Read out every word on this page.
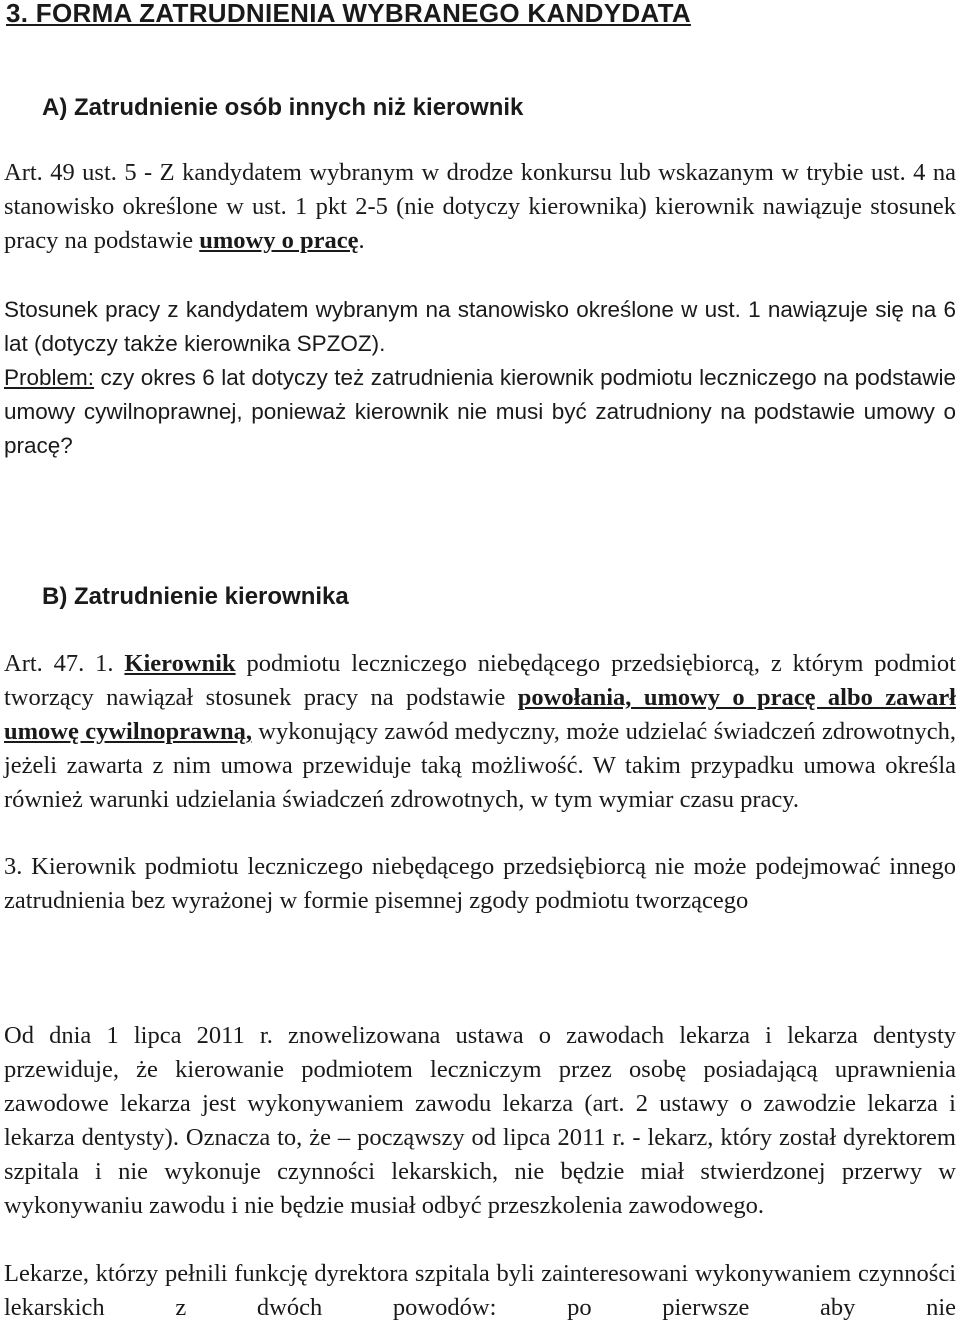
3. FORMA ZATRUDNIENIA WYBRANEGO KANDYDATA
A) Zatrudnienie osób innych niż kierownik

Art. 49 ust. 5 - Z kandydatem wybranym w drodze konkursu lub wskazanym w trybie ust. 4 na stanowisko określone w ust. 1 pkt 2-5 (nie dotyczy kierownika) kierownik nawiązuje stosunek pracy na podstawie umowy o pracę.

Stosunek pracy z kandydatem wybranym na stanowisko określone w ust. 1 nawiązuje się na 6 lat (dotyczy także kierownika SPZOZ).

Problem: czy okres 6 lat dotyczy też zatrudnienia kierownik podmiotu leczniczego na podstawie umowy cywilnoprawnej, ponieważ kierownik nie musi być zatrudniony na podstawie umowy o pracę?

B) Zatrudnienie kierownika

Art. 47. 1. Kierownik podmiotu leczniczego niebędącego przedsiębiorcą, z którym podmiot tworzący nawiązał stosunek pracy na podstawie powołania, umowy o pracę albo zawarł umowę cywilnoprawną, wykonujący zawód medyczny, może udzielać świadczeń zdrowotnych, jeżeli zawarta z nim umowa przewiduje taką możliwość. W takim przypadku umowa określa również warunki udzielania świadczeń zdrowotnych, w tym wymiar czasu pracy.

3. Kierownik podmiotu leczniczego niebędącego przedsiębiorcą nie może podejmować innego zatrudnienia bez wyrażonej w formie pisemnej zgody podmiotu tworzącego

Od dnia 1 lipca 2011 r. znowelizowana ustawa o zawodach lekarza i lekarza dentysty przewiduje, że kierowanie podmiotem leczniczym przez osobę posiadającą uprawnienia zawodowe lekarza jest wykonywaniem zawodu lekarza (art. 2 ustawy o zawodzie lekarza i lekarza dentysty). Oznacza to, że – począwszy od lipca 2011 r. - lekarz, który został dyrektorem szpitala i nie wykonuje czynności lekarskich, nie będzie miał stwierdzonej przerwy w wykonywaniu zawodu i nie będzie musiał odbyć przeszkolenia zawodowego.

Lekarze, którzy pełnili funkcję dyrektora szpitala byli zainteresowani wykonywaniem czynności lekarskich z dwóch powodów: po pierwsze aby nie
